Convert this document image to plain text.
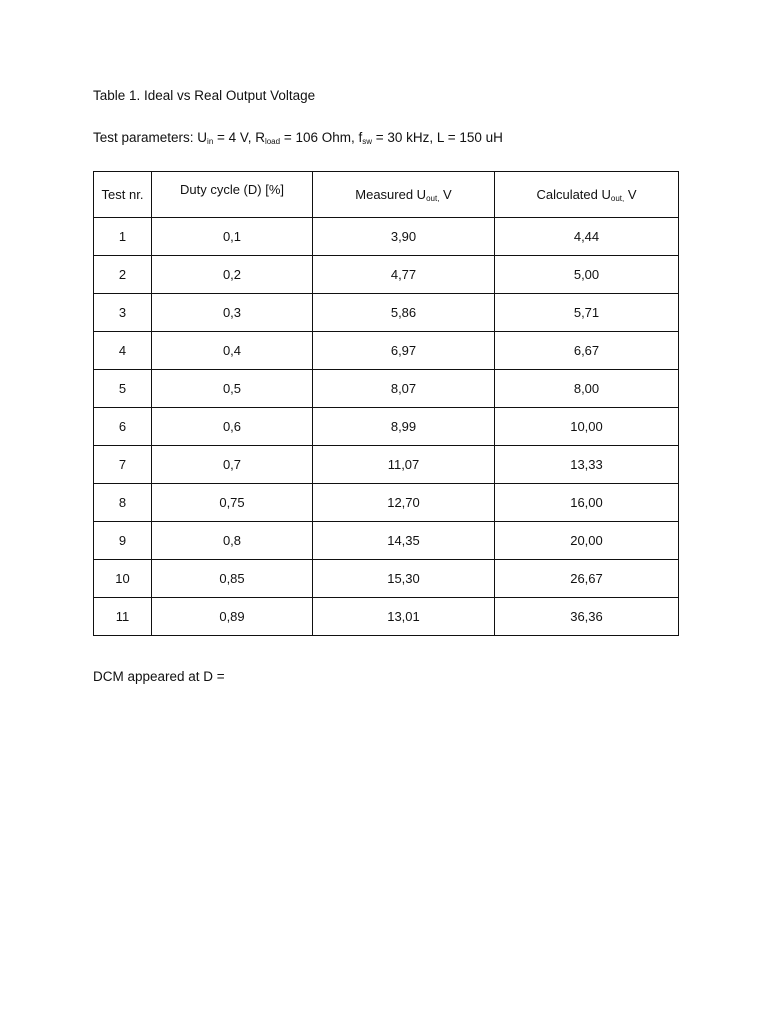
Table 1. Ideal vs Real Output Voltage
Test parameters: $U_{in} = 4$ V, $R_{load} = 106$ Ohm, $f_{sw} = 30$ kHz, L = 150 uH
Test nr.	Duty cycle (D) [%]	Measured $U_{out,}$ V	Calculated $U_{out,}$ V
1	0,1	3,90	4,44
2	0,2	4,77	5,00
3	0,3	5,86	5,71
4	0,4	6,97	6,67
5	0,5	8,07	8,00
6	0,6	8,99	10,00
7	0,7	11,07	13,33
8	0,75	12,70	16,00
9	0,8	14,35	20,00
10	0,85	15,30	26,67
11	0,89	13,01	36,36
DCM appeared at D =
